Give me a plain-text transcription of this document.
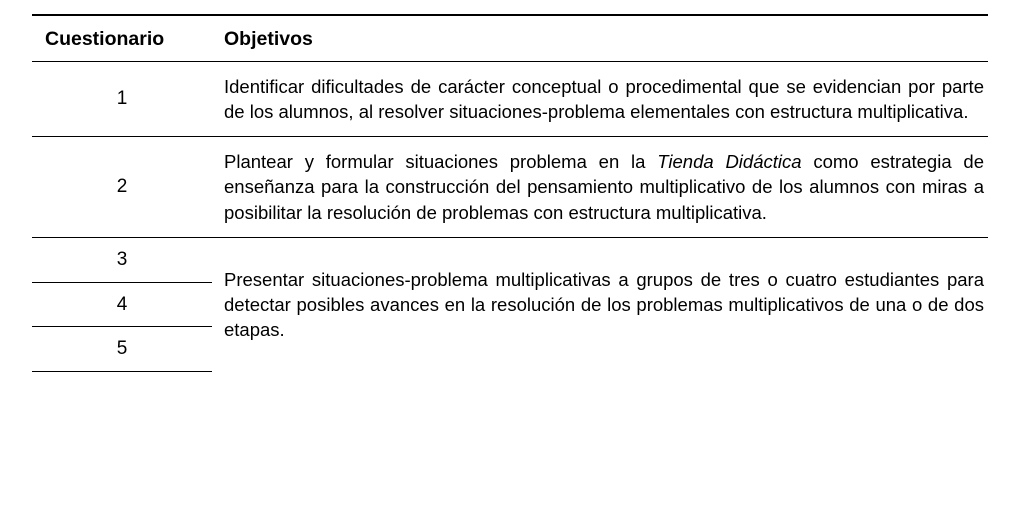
Cuestionario	Objetivos
1	Identificar dificultades de carácter conceptual o procedimental que se evidencian por parte de los alumnos, al resolver situaciones-problema elementales con estructura multiplicativa.
2	Plantear y formular situaciones problema en la Tienda Didáctica como estrategia de enseñanza para la construcción del pensamiento multiplicativo de los alumnos con miras a posibilitar la resolución de problemas con estructura multiplicativa.
3	Presentar situaciones-problema multiplicativas a grupos de tres o cuatro estudiantes para detectar posibles avances en la resolución de los problemas multiplicativos de una o de dos etapas.
4	
5	
